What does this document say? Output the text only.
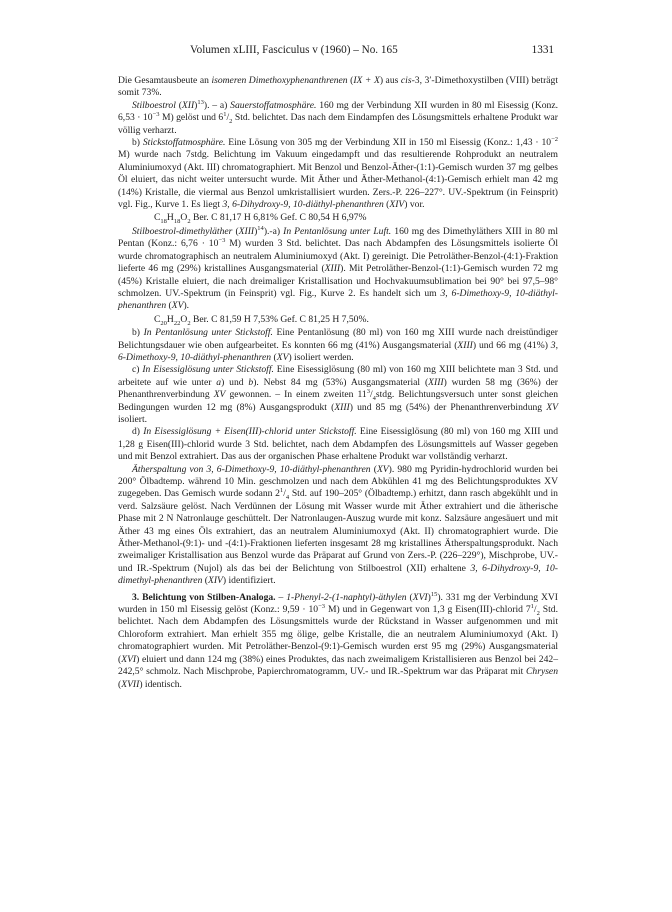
Volumen xLIII, Fasciculus v (1960) – No. 165	1331

Die Gesamtausbeute an isomeren Dimethoxyphenanthrenen (IX + X) aus cis-3, 3′-Dimethoxystilben (VIII) beträgt somit 73%.

Stilboestrol (XII)$^{13}$). – a) Sauerstoffatmosphäre. 160 mg der Verbindung XII wurden in 80 ml Eisessig (Konz. $6,53 \cdot 10^{-3}$ M) gelöst und $6^1/_2$ Std. belichtet. Das nach dem Eindampfen des Lösungsmittels erhaltene Produkt war völlig verharzt.

b) Stickstoffatmosphäre. Eine Lösung von 305 mg der Verbindung XII in 150 ml Eisessig (Konz.: $1,43 \cdot 10^{-2}$ M) wurde nach 7stdg. Belichtung im Vakuum eingedampft und das resultierende Rohprodukt an neutralem Aluminiumoxyd (Akt. III) chromatographiert. Mit Benzol und Benzol-Äther-(1:1)-Gemisch wurden 37 mg gelbes Öl eluiert, das nicht weiter untersucht wurde. Mit Äther und Äther-Methanol-(4:1)-Gemisch erhielt man 42 mg (14%) Kristalle, die viermal aus Benzol umkristallisiert wurden. Zers.-P. 226–227°. UV.-Spektrum (in Feinsprit) vgl. Fig., Kurve 1. Es liegt 3, 6-Dihydroxy-9, 10-diäthyl-phenanthren (XIV) vor.

$C_{18}H_{18}O_2$ Ber. C 81,17 H 6,81% Gef. C 80,54 H 6,97%

Stilboestrol-dimethyläther (XIII)$^{14}$).-a) In Pentanlösung unter Luft. 160 mg des Dimethyläthers XIII in 80 ml Pentan (Konz.: $6,76 \cdot 10^{-3}$ M) wurden 3 Std. belichtet. Das nach Abdampfen des Lösungsmittels isolierte Öl wurde chromatographisch an neutralem Aluminiumoxyd (Akt. I) gereinigt. Die Petroläther-Benzol-(4:1)-Fraktion lieferte 46 mg (29%) kristallines Ausgangsmaterial (XIII). Mit Petroläther-Benzol-(1:1)-Gemisch wurden 72 mg (45%) Kristalle eluiert, die nach dreimaliger Kristallisation und Hochvakuumsublimation bei 90° bei 97,5–98° schmolzen. UV.-Spektrum (in Feinsprit) vgl. Fig., Kurve 2. Es handelt sich um 3, 6-Dimethoxy-9, 10-diäthyl-phenanthren (XV).

$C_{20}H_{22}O_2$ Ber. C 81,59 H 7,53% Gef. C 81,25 H 7,50%.

b) In Pentanlösung unter Stickstoff. Eine Pentanlösung (80 ml) von 160 mg XIII wurde nach dreistündiger Belichtungsdauer wie oben aufgearbeitet. Es konnten 66 mg (41%) Ausgangsmaterial (XIII) und 66 mg (41%) 3, 6-Dimethoxy-9, 10-diäthyl-phenanthren (XV) isoliert werden.

c) In Eisessiglösung unter Stickstoff. Eine Eisessiglösung (80 ml) von 160 mg XIII belichtete man 3 Std. und arbeitete auf wie unter a) und b). Nebst 84 mg (53%) Ausgangsmaterial (XIII) wurden 58 mg (36%) der Phenanthrenverbindung XV gewonnen. – In einem zweiten $11^3/_4stdg$. Belichtungsversuch unter sonst gleichen Bedingungen wurden 12 mg (8%) Ausgangsprodukt (XIII) und 85 mg (54%) der Phenanthrenverbindung XV isoliert.

d) In Eisessiglösung + Eisen(III)-chlorid unter Stickstoff. Eine Eisessiglösung (80 ml) von 160 mg XIII und 1,28 g Eisen(III)-chlorid wurde 3 Std. belichtet, nach dem Abdampfen des Lösungsmittels auf Wasser gegeben und mit Benzol extrahiert. Das aus der organischen Phase erhaltene Produkt war vollständig verharzt.

Ätherspaltung von 3, 6-Dimethoxy-9, 10-diäthyl-phenanthren (XV). 980 mg Pyridin-hydrochlorid wurden bei 200° Ölbadtemp. während 10 Min. geschmolzen und nach dem Abkühlen 41 mg des Belichtungsproduktes XV zugegeben. Das Gemisch wurde sodann $2^1/_4$ Std. auf 190–205° (Ölbadtemp.) erhitzt, dann rasch abgekühlt und in verd. Salzsäure gelöst. Nach Verdünnen der Lösung mit Wasser wurde mit Äther extrahiert und die ätherische Phase mit 2 N Natronlauge geschüttelt. Der Natronlaugen-Auszug wurde mit konz. Salzsäure angesäuert und mit Äther 43 mg eines Öls extrahiert, das an neutralem Aluminiumoxyd (Akt. II) chromatographiert wurde. Die Äther-Methanol-(9:1)- und -(4:1)-Fraktionen lieferten insgesamt 28 mg kristallines Ätherspaltungsprodukt. Nach zweimaliger Kristallisation aus Benzol wurde das Präparat auf Grund von Zers.-P. (226–229°), Mischprobe, UV.- und IR.-Spektrum (Nujol) als das bei der Belichtung von Stilboestrol (XII) erhaltene 3, 6-Dihydroxy-9, 10-dimethyl-phenanthren (XIV) identifiziert.

3. Belichtung von Stilben-Analoga. – 1-Phenyl-2-(1-naphtyl)-äthylen (XVI)$^{15}$). 331 mg der Verbindung XVI wurden in 150 ml Eisessig gelöst (Konz.: $9,59 \cdot 10^{-3}$ M) und in Gegenwart von 1,3 g Eisen(III)-chlorid $7^1/_2$ Std. belichtet. Nach dem Abdampfen des Lösungsmittels wurde der Rückstand in Wasser aufgenommen und mit Chloroform extrahiert. Man erhielt 355 mg ölige, gelbe Kristalle, die an neutralem Aluminiumoxyd (Akt. I) chromatographiert wurden. Mit Petroläther-Benzol-(9:1)-Gemisch wurden erst 95 mg (29%) Ausgangsmaterial (XVI) eluiert und dann 124 mg (38%) eines Produktes, das nach zweimaligem Kristallisieren aus Benzol bei 242–242,5° schmolz. Nach Mischprobe, Papierchromatogramm, UV.- und IR.-Spektrum war das Präparat mit Chrysen (XVII) identisch.
